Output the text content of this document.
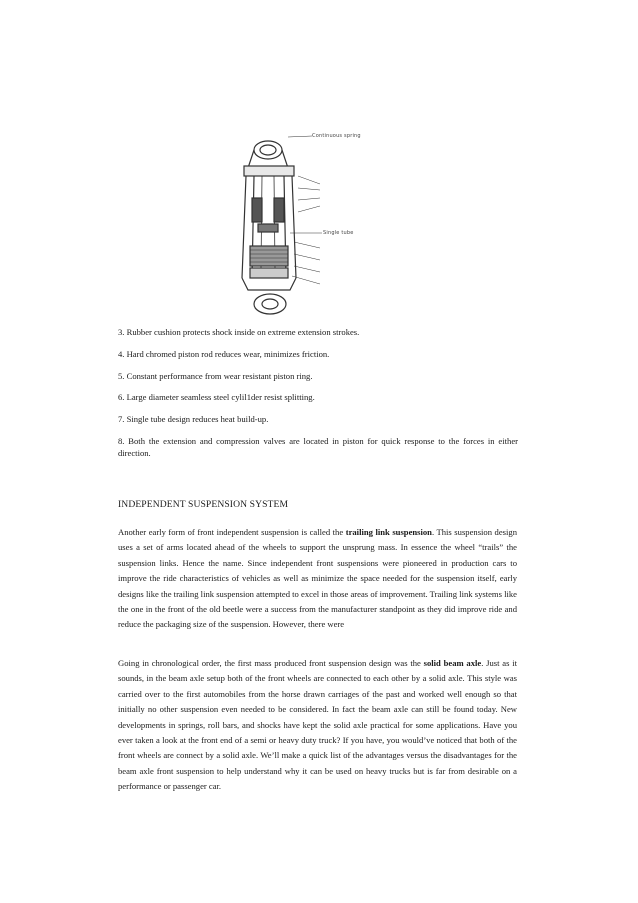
Continuous spring
Single tube
3. Rubber cushion protects shock inside on extreme extension strokes.
4. Hard chromed piston rod reduces wear, minimizes friction.
5. Constant performance from wear resistant piston ring.
6. Large diameter seamless steel cylil1der resist splitting.
7. Single tube design reduces heat build-up.
8. Both the extension and compression valves are located in piston for quick response to the forces in either direction.
INDEPENDENT SUSPENSION SYSTEM
Another early form of front independent suspension is called the trailing link suspension. This suspension design uses a set of arms located ahead of the wheels to support the unsprung mass. In essence the wheel “trails” the suspension links. Hence the name. Since independent front suspensions were pioneered in production cars to improve the ride characteristics of vehicles as well as minimize the space needed for the suspension itself, early designs like the trailing link suspension attempted to excel in those areas of improvement. Trailing link systems like the one in the front of the old beetle were a success from the manufacturer standpoint as they did improve ride and reduce the packaging size of the suspension. However, there were
Going in chronological order, the first mass produced front suspension design was the solid beam axle. Just as it sounds, in the beam axle setup both of the front wheels are connected to each other by a solid axle. This style was carried over to the first automobiles from the horse drawn carriages of the past and worked well enough so that initially no other suspension even needed to be considered. In fact the beam axle can still be found today. New developments in springs, roll bars, and shocks have kept the solid axle practical for some applications. Have you ever taken a look at the front end of a semi or heavy duty truck? If you have, you would’ve noticed that both of the front wheels are connect by a solid axle. We’ll make a quick list of the advantages versus the disadvantages for the beam axle front suspension to help understand why it can be used on heavy trucks but is far from desirable on a performance or passenger car.
